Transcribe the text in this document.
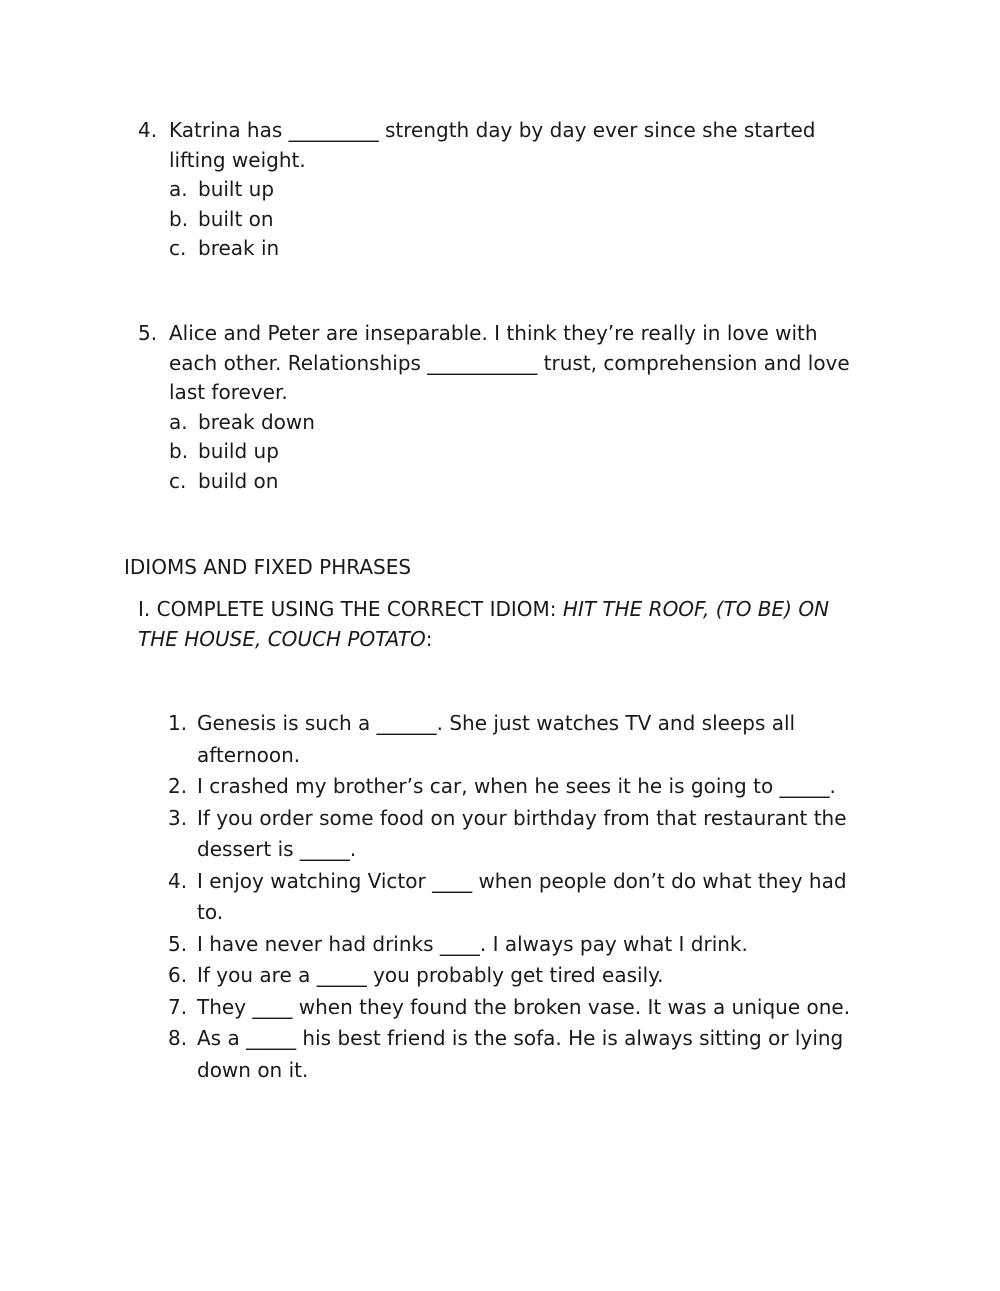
4. Katrina has _________ strength day by day ever since she started lifting weight.
a. built up
b. built on
c. break in
5. Alice and Peter are inseparable. I think they’re really in love with each other. Relationships ___________ trust, comprehension and love last forever.
a. break down
b. build up
c. build on
IDIOMS AND FIXED PHRASES
I. COMPLETE USING THE CORRECT IDIOM: HIT THE ROOF, (TO BE) ON THE HOUSE, COUCH POTATO:
1. Genesis is such a ______. She just watches TV and sleeps all afternoon.
2. I crashed my brother’s car, when he sees it he is going to _____.
3. If you order some food on your birthday from that restaurant the dessert is _____.
4. I enjoy watching Victor ____ when people don’t do what they had to.
5. I have never had drinks ____. I always pay what I drink.
6. If you are a _____ you probably get tired easily.
7. They ____ when they found the broken vase. It was a unique one.
8. As a _____ his best friend is the sofa. He is always sitting or lying down on it.
